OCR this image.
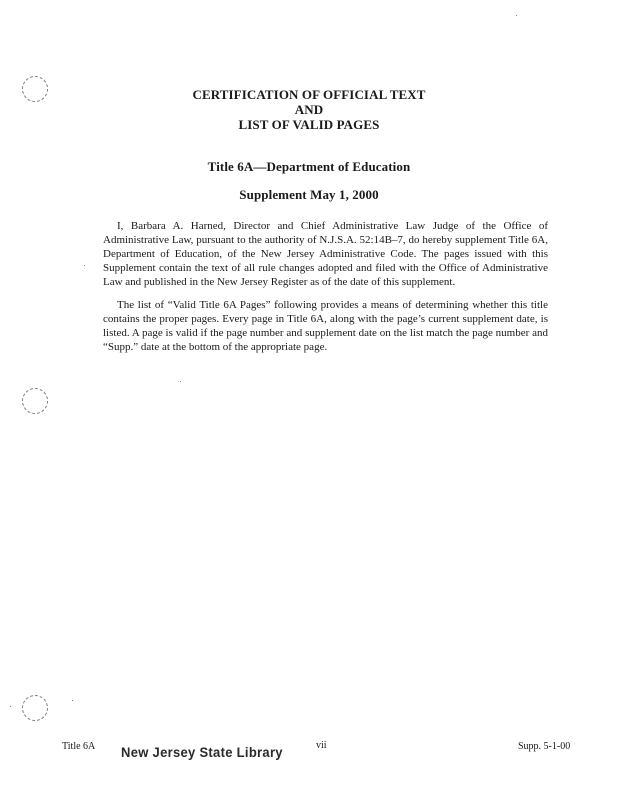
CERTIFICATION OF OFFICIAL TEXT
AND
LIST OF VALID PAGES
Title 6A—Department of Education
Supplement May 1, 2000

I, Barbara A. Harned, Director and Chief Administrative Law Judge of the Office of Administrative Law, pursuant to the authority of N.J.S.A. 52:14B–7, do hereby supplement Title 6A, Department of Education, of the New Jersey Administrative Code. The pages issued with this Supplement contain the text of all rule changes adopted and filed with the Office of Administrative Law and published in the New Jersey Register as of the date of this supplement.

The list of “Valid Title 6A Pages” following provides a means of determining whether this title contains the proper pages. Every page in Title 6A, along with the page’s current supplement date, is listed. A page is valid if the page number and supplement date on the list match the page number and “Supp.” date at the bottom of the appropriate page.

Title 6A New Jersey State Library	vii	Supp. 5-1-00
